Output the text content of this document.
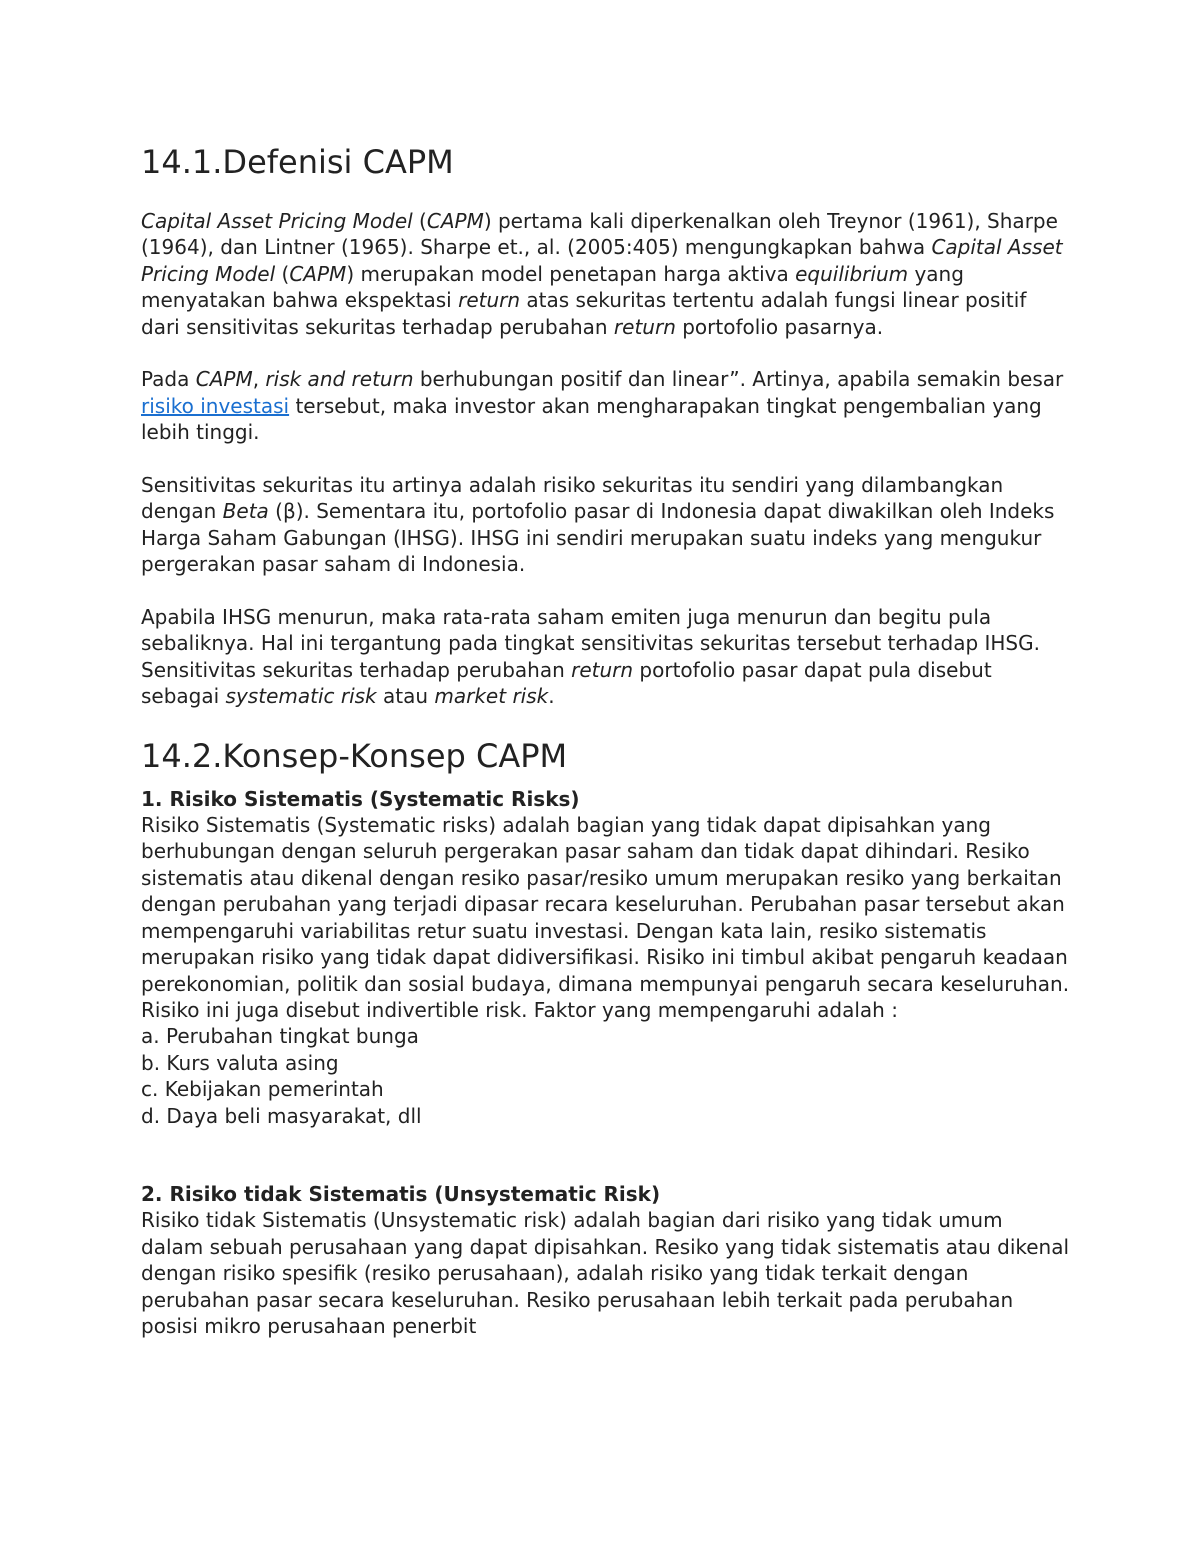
14.1.Defenisi CAPM

Capital Asset Pricing Model (CAPM) pertama kali diperkenalkan oleh Treynor (1961), Sharpe (1964), dan Lintner (1965). Sharpe et., al. (2005:405) mengungkapkan bahwa Capital Asset Pricing Model (CAPM) merupakan model penetapan harga aktiva equilibrium yang menyatakan bahwa ekspektasi return atas sekuritas tertentu adalah fungsi linear positif dari sensitivitas sekuritas terhadap perubahan return portofolio pasarnya.

Pada CAPM, risk and return berhubungan positif dan linear”. Artinya, apabila semakin besar risiko investasi tersebut, maka investor akan mengharapakan tingkat pengembalian yang lebih tinggi.

Sensitivitas sekuritas itu artinya adalah risiko sekuritas itu sendiri yang dilambangkan dengan Beta (β). Sementara itu, portofolio pasar di Indonesia dapat diwakilkan oleh Indeks Harga Saham Gabungan (IHSG). IHSG ini sendiri merupakan suatu indeks yang mengukur pergerakan pasar saham di Indonesia.

Apabila IHSG menurun, maka rata-rata saham emiten juga menurun dan begitu pula sebaliknya. Hal ini tergantung pada tingkat sensitivitas sekuritas tersebut terhadap IHSG. Sensitivitas sekuritas terhadap perubahan return portofolio pasar dapat pula disebut sebagai systematic risk atau market risk.

14.2.Konsep-Konsep CAPM

1. Risiko Sistematis (Systematic Risks)
Risiko Sistematis (Systematic risks) adalah bagian yang tidak dapat dipisahkan yang berhubungan dengan seluruh pergerakan pasar saham dan tidak dapat dihindari. Resiko sistematis atau dikenal dengan resiko pasar/resiko umum merupakan resiko yang berkaitan dengan perubahan yang terjadi dipasar recara keseluruhan. Perubahan pasar tersebut akan mempengaruhi variabilitas retur suatu investasi. Dengan kata lain, resiko sistematis merupakan risiko yang tidak dapat didiversifikasi. Risiko ini timbul akibat pengaruh keadaan perekonomian, politik dan sosial budaya, dimana mempunyai pengaruh secara keseluruhan. Risiko ini juga disebut indivertible risk. Faktor yang mempengaruhi adalah :
a. Perubahan tingkat bunga
b. Kurs valuta asing
c. Kebijakan pemerintah
d. Daya beli masyarakat, dll

2. Risiko tidak Sistematis (Unsystematic Risk)
Risiko tidak Sistematis (Unsystematic risk) adalah bagian dari risiko yang tidak umum dalam sebuah perusahaan yang dapat dipisahkan. Resiko yang tidak sistematis atau dikenal dengan risiko spesifik (resiko perusahaan), adalah risiko yang tidak terkait dengan perubahan pasar secara keseluruhan. Resiko perusahaan lebih terkait pada perubahan posisi mikro perusahaan penerbit
